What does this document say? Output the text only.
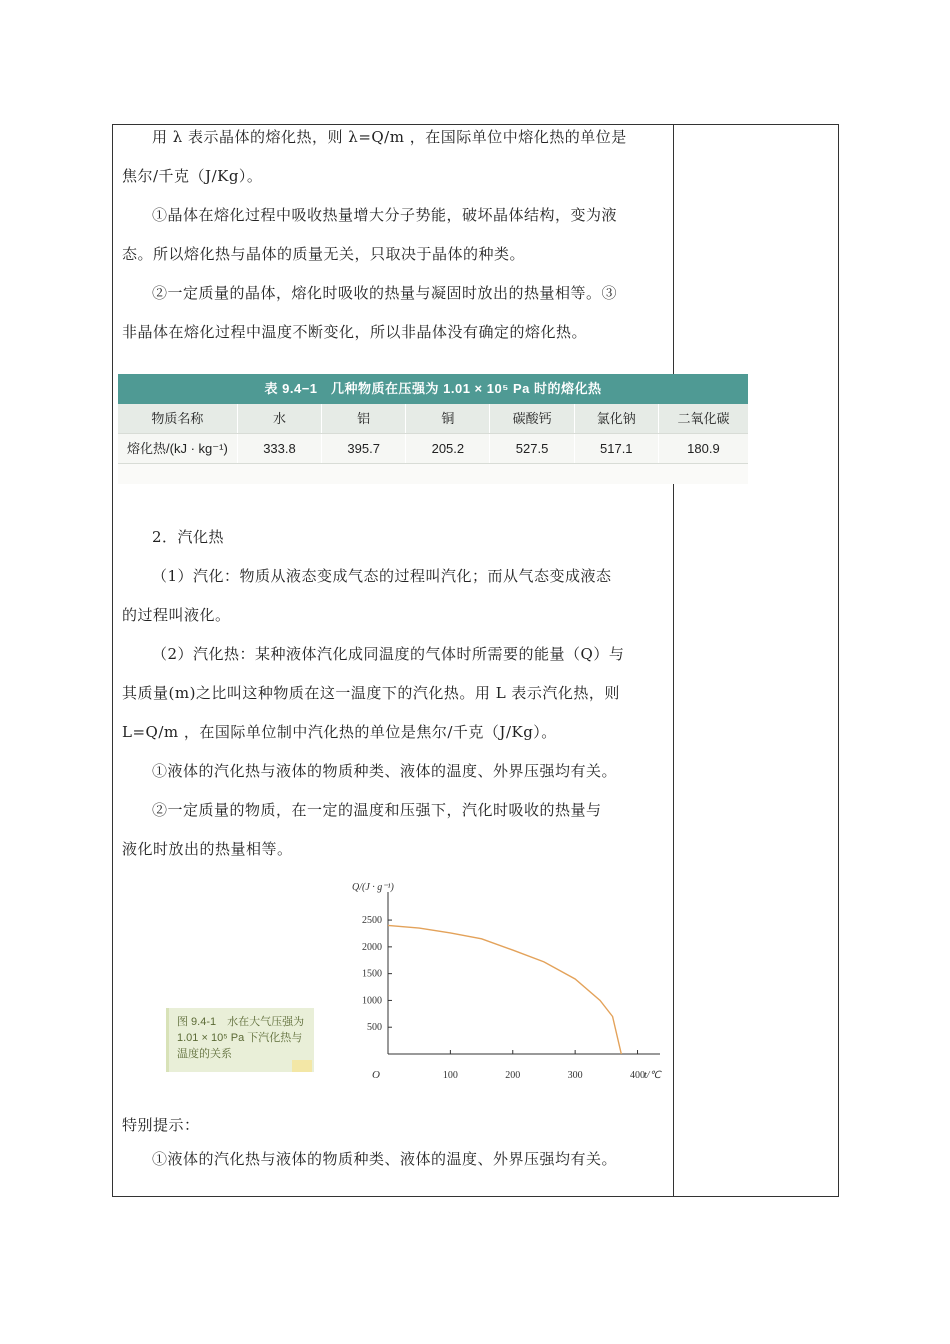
用 λ 表示晶体的熔化热，则 λ=Q/m ，在国际单位中熔化热的单位是

焦尔/千克（J/Kg）。

①晶体在熔化过程中吸收热量增大分子势能，破坏晶体结构，变为液

态。所以熔化热与晶体的质量无关，只取决于晶体的种类。

②一定质量的晶体，熔化时吸收的热量与凝固时放出的热量相等。③

非晶体在熔化过程中温度不断变化，所以非晶体没有确定的熔化热。

表 9.4−1　几种物质在压强为 1.01 × 10⁵ Pa 时的熔化热
物质名称	水	铝	铜	碳酸钙	氯化钠	二氧化碳
熔化热/(kJ · kg⁻¹)	333.8	395.7	205.2	527.5	517.1	180.9

2．汽化热

（1）汽化：物质从液态变成气态的过程叫汽化；而从气态变成液态

的过程叫液化。

（2）汽化热：某种液体汽化成同温度的气体时所需要的能量（Q）与

其质量(m)之比叫这种物质在这一温度下的汽化热。用 L 表示汽化热，则

L=Q/m ，在国际单位制中汽化热的单位是焦尔/千克（J/Kg）。

①液体的汽化热与液体的物质种类、液体的温度、外界压强均有关。

②一定质量的物质，在一定的温度和压强下，汽化时吸收的热量与

液化时放出的热量相等。

图 9.4-1　水在大气压强为 1.01 × 10⁵ Pa 下汽化热与温度的关系
Q/(J · g⁻¹)
t/℃
O
500
1000
1500
2000
2500
100	200	300	400
特别提示：
①液体的汽化热与液体的物质种类、液体的温度、外界压强均有关。
